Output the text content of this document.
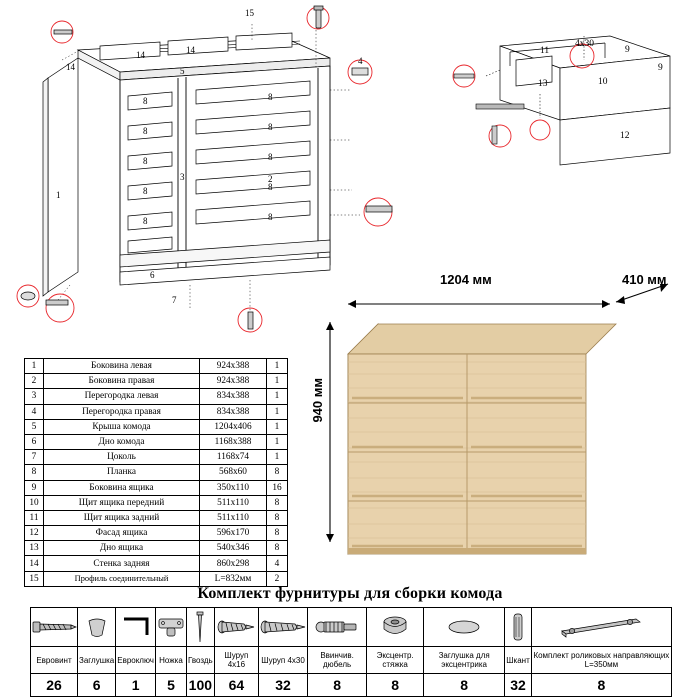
15
14
14	14
5
1
3	2
6
7
8
8
8
8
8
8
8
8
8
8
4
11
4х30
9
9
13	10
12
1	Боковина левая	924х388	1
2	Боковина правая	924х388	1
3	Перегородка левая	834х388	1
4	Перегородка правая	834х388	1
5	Крыша комода	1204х406	1
6	Дно комода	1168х388	1
7	Цоколь	1168х74	1
8	Планка	568х60	8
9	Боковина ящика	350х110	16
10	Щит ящика передний	511х110	8
11	Щит ящика задний	511х110	8
12	Фасад ящика	596х170	8
13	Дно ящика	540х346	8
14	Стенка задняя	860х298	4
15	Профиль соединительный	L=832мм	2
1204 мм	410 мм
940 мм
Комплект фурнитуры для сборки комода

Евровинт	Заглушка	Евроключ	Ножка	Гвоздь	Шуруп 4х16	Шуруп 4х30	Ввинчив. дюбель	Эксцентр. стяжка	Заглушка для эксцентрика	Шкант	Комплект роликовых направляющих L=350мм
26	6	1	5	100	64	32	8	8	8	32	8
